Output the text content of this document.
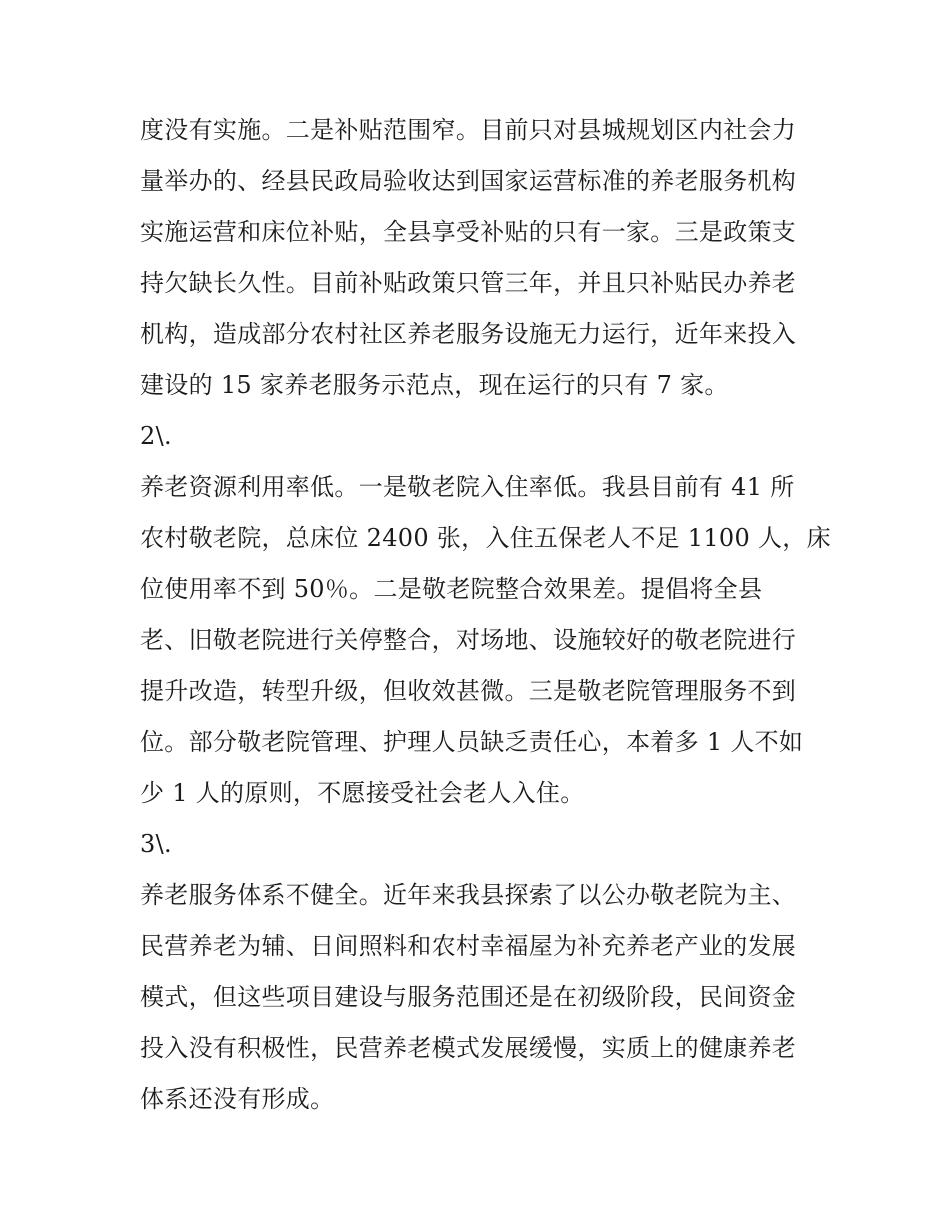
度没有实施。二是补贴范围窄。目前只对县城规划区内社会力
量举办的、经县民政局验收达到国家运营标准的养老服务机构
实施运营和床位补贴，全县享受补贴的只有一家。三是政策支
持欠缺长久性。目前补贴政策只管三年，并且只补贴民办养老
机构，造成部分农村社区养老服务设施无力运行，近年来投入
建设的 15 家养老服务示范点，现在运行的只有 7 家。
2\.
养老资源利用率低。一是敬老院入住率低。我县目前有 41 所
农村敬老院，总床位 2400 张，入住五保老人不足 1100 人，床
位使用率不到 50％。二是敬老院整合效果差。提倡将全县
老、旧敬老院进行关停整合，对场地、设施较好的敬老院进行
提升改造，转型升级，但收效甚微。三是敬老院管理服务不到
位。部分敬老院管理、护理人员缺乏责任心，本着多 1 人不如
少 1 人的原则，不愿接受社会老人入住。
3\.
养老服务体系不健全。近年来我县探索了以公办敬老院为主、
民营养老为辅、日间照料和农村幸福屋为补充养老产业的发展
模式，但这些项目建设与服务范围还是在初级阶段，民间资金
投入没有积极性，民营养老模式发展缓慢，实质上的健康养老
体系还没有形成。
